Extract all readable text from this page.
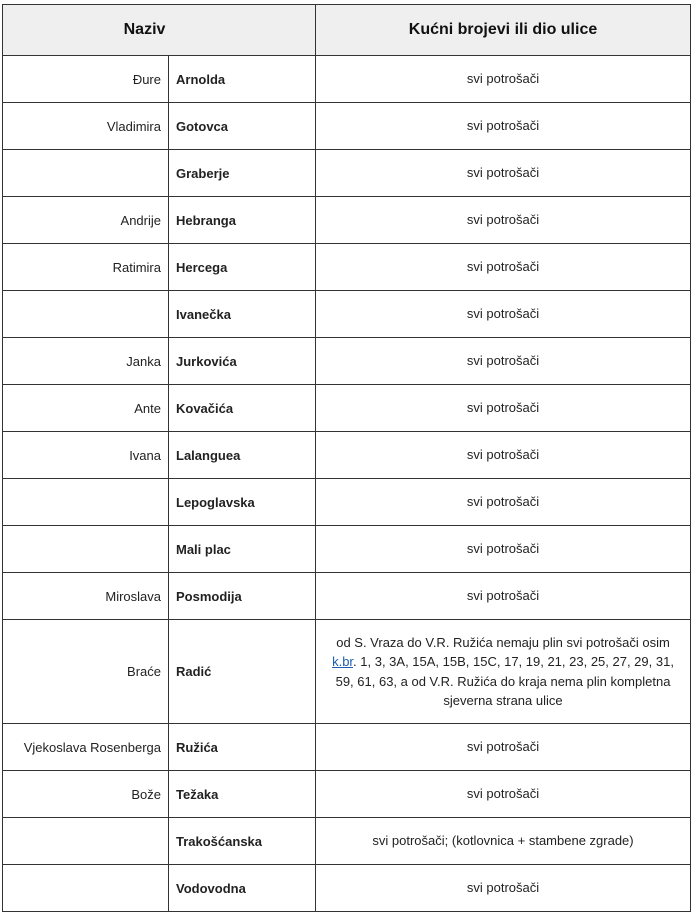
Naziv		Kućni brojevi ili dio ulice
Đure	Arnolda	svi potrošači
Vladimira	Gotovca	svi potrošači
	Graberje	svi potrošači
Andrije	Hebranga	svi potrošači
Ratimira	Hercega	svi potrošači
	Ivanečka	svi potrošači
Janka	Jurkovića	svi potrošači
Ante	Kovačića	svi potrošači
Ivana	Lalanguea	svi potrošači
	Lepoglavska	svi potrošači
	Mali plac	svi potrošači
Miroslava	Posmodija	svi potrošači
Braće	Radić	od S. Vraza do V.R. Ružića nemaju plin svi potrošači osim k.br. 1, 3, 3A, 15A, 15B, 15C, 17, 19, 21, 23, 25, 27, 29, 31, 59, 61, 63, a od V.R. Ružića do kraja nema plin kompletna sjeverna strana ulice
Vjekoslava Rosenberga	Ružića	svi potrošači
Bože	Težaka	svi potrošači
	Trakošćanska	svi potrošači; (kotlovnica + stambene zgrade)
	Vodovodna	svi potrošači
